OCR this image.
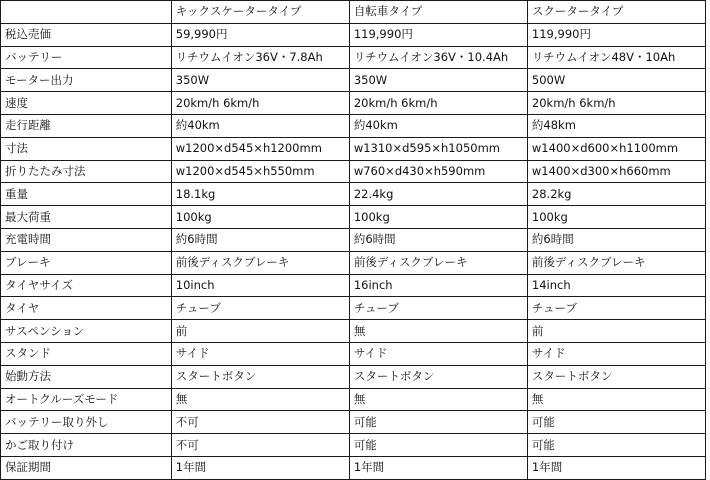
	キックスケータータイプ	自転車タイプ	スクータータイプ
税込売価	59,990円	119,990円	119,990円
バッテリー	リチウムイオン36V・7.8Ah	リチウムイオン36V・10.4Ah	リチウムイオン48V・10Ah
モーター出力	350W	350W	500W
速度	20km/h 6km/h	20km/h 6km/h	20km/h 6km/h
走行距離	約40km	約40km	約48km
寸法	w1200×d545×h1200mm	w1310×d595×h1050mm	w1400×d600×h1100mm
折りたたみ寸法	w1200×d545×h550mm	w760×d430×h590mm	w1400×d300×h660mm
重量	18.1kg	22.4kg	28.2kg
最大荷重	100kg	100kg	100kg
充電時間	約6時間	約6時間	約6時間
ブレーキ	前後ディスクブレーキ	前後ディスクブレーキ	前後ディスクブレーキ
タイヤサイズ	10inch	16inch	14inch
タイヤ	チューブ	チューブ	チューブ
サスペンション	前	無	前
スタンド	サイド	サイド	サイド
始動方法	スタートボタン	スタートボタン	スタートボタン
オートクルーズモード	無	無	無
バッテリー取り外し	不可	可能	可能
かご取り付け	不可	可能	可能
保証期間	1年間	1年間	1年間
